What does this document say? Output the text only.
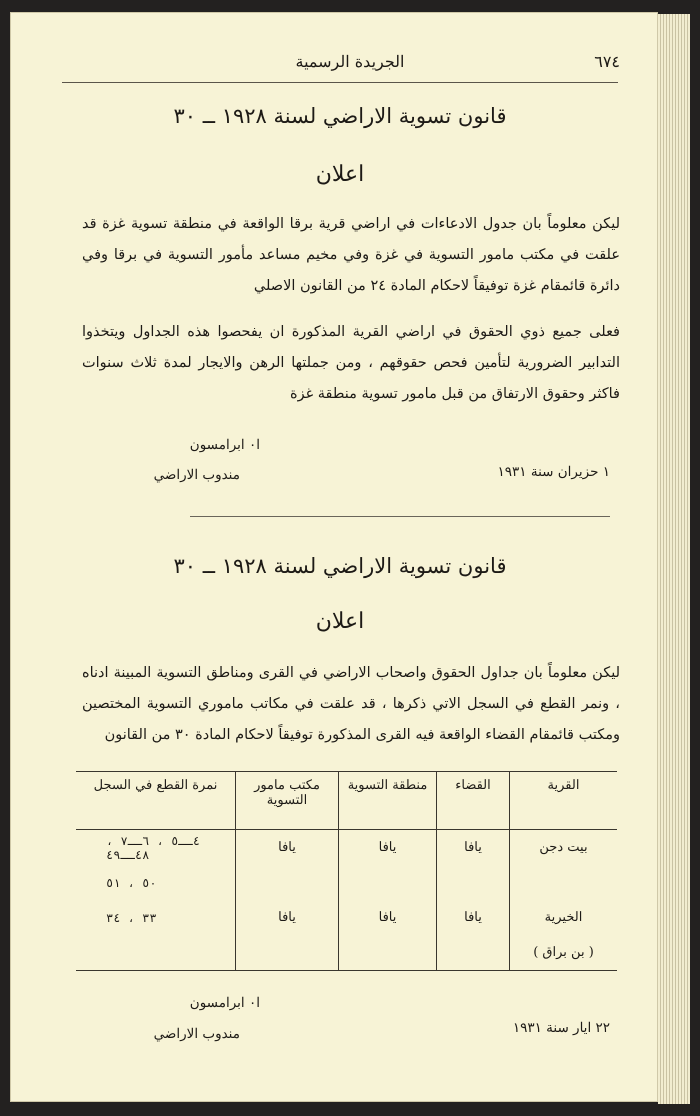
٦٧٤
الجريدة الرسمية
قانون تسوية الاراضي لسنة ١٩٢٨ ــ ٣٠
اعلان
ليكن معلوماً بان جدول الادعاءات في اراضي قرية برقا الواقعة في منطقة تسوية غزة قد علقت في مكتب مامور التسوية في غزة وفي مخيم مساعد مأمور التسوية في برقا وفي دائرة قائمقام غزة توفيقاً لاحكام المادة ٢٤ من القانون الاصلي
فعلى جميع ذوي الحقوق في اراضي القرية المذكورة ان يفحصوا هذه الجداول ويتخذوا التدابير الضرورية لتأمين فحص حقوقهم ، ومن جملتها الرهن والايجار لمدة ثلاث سنوات فاكثر وحقوق الارتفاق من قبل مامور تسوية منطقة غزة
ا٠ ابرامسون
مندوب الاراضي	١ حزيران سنة ١٩٣١
قانون تسوية الاراضي لسنة ١٩٢٨ ــ ٣٠
اعلان
ليكن معلوماً بان جداول الحقوق واصحاب الاراضي في القرى ومناطق التسوية المبينة ادناه ، ونمر القطع في السجل الاتي ذكرها ، قد علقت في مكاتب ماموري التسوية المختصين ومكتب قائمقام القضاء الواقعة فيه القرى المذكورة توفيقاً لاحكام المادة ٣٠ من القانون
القرية	القضاء	منطقة التسوية	مكتب مامور التسوية	نمرة القطع في السجل
بيت دجن	يافا	يافا	يافا	٤ــ٥ ، ٦ــ٧ ، ٤٨ــ٤٩
				٥٠ ، ٥١
الخيرية	يافا	يافا	يافا	٣٣ ، ٣٤
( بن براق )				
ا٠ ابرامسون
مندوب الاراضي	٢٢ ايار سنة ١٩٣١
